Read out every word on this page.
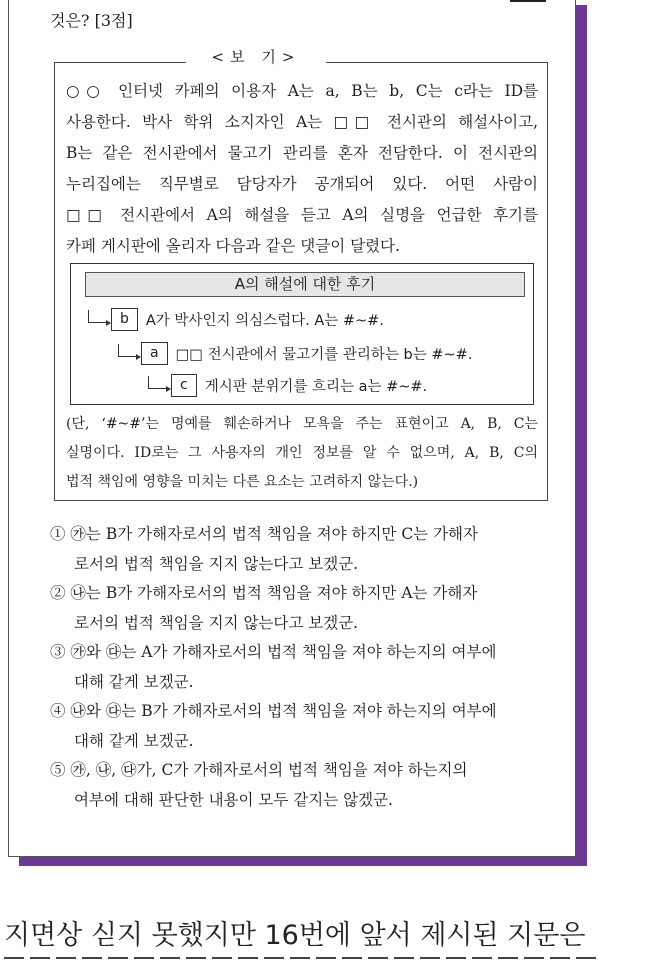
것은? [3점]
<보 기>
○○ 인터넷 카페의 이용자 A는 a, B는 b, C는 c라는 ID를
사용한다. 박사 학위 소지자인 A는 □□ 전시관의 해설사이고,
B는 같은 전시관에서 물고기 관리를 혼자 전담한다. 이 전시관의
누리집에는 직무별로 담당자가 공개되어 있다. 어떤 사람이
□□ 전시관에서 A의 해설을 듣고 A의 실명을 언급한 후기를
카페 게시판에 올리자 다음과 같은 댓글이 달렸다.
A의 해설에 대한 후기
b	A가 박사인지 의심스럽다. A는 #~#.
a	□□ 전시관에서 물고기를 관리하는 b는 #~#.
c	게시판 분위기를 흐리는 a는 #~#.
(단, ‘#~#’는 명예를 훼손하거나 모욕을 주는 표현이고 A, B, C는
실명이다. ID로는 그 사용자의 개인 정보를 알 수 없으며, A, B, C의
법적 책임에 영향을 미치는 다른 요소는 고려하지 않는다.)
① ㉮는 B가 가해자로서의 법적 책임을 져야 하지만 C는 가해자
로서의 법적 책임을 지지 않는다고 보겠군.
② ㉯는 B가 가해자로서의 법적 책임을 져야 하지만 A는 가해자
로서의 법적 책임을 지지 않는다고 보겠군.
③ ㉮와 ㉰는 A가 가해자로서의 법적 책임을 져야 하는지의 여부에
대해 같게 보겠군.
④ ㉯와 ㉰는 B가 가해자로서의 법적 책임을 져야 하는지의 여부에
대해 같게 보겠군.
⑤ ㉮, ㉯, ㉰가, C가 가해자로서의 법적 책임을 져야 하는지의
여부에 대해 판단한 내용이 모두 같지는 않겠군.
지면상 싣지 못했지만 16번에 앞서 제시된 지문은
